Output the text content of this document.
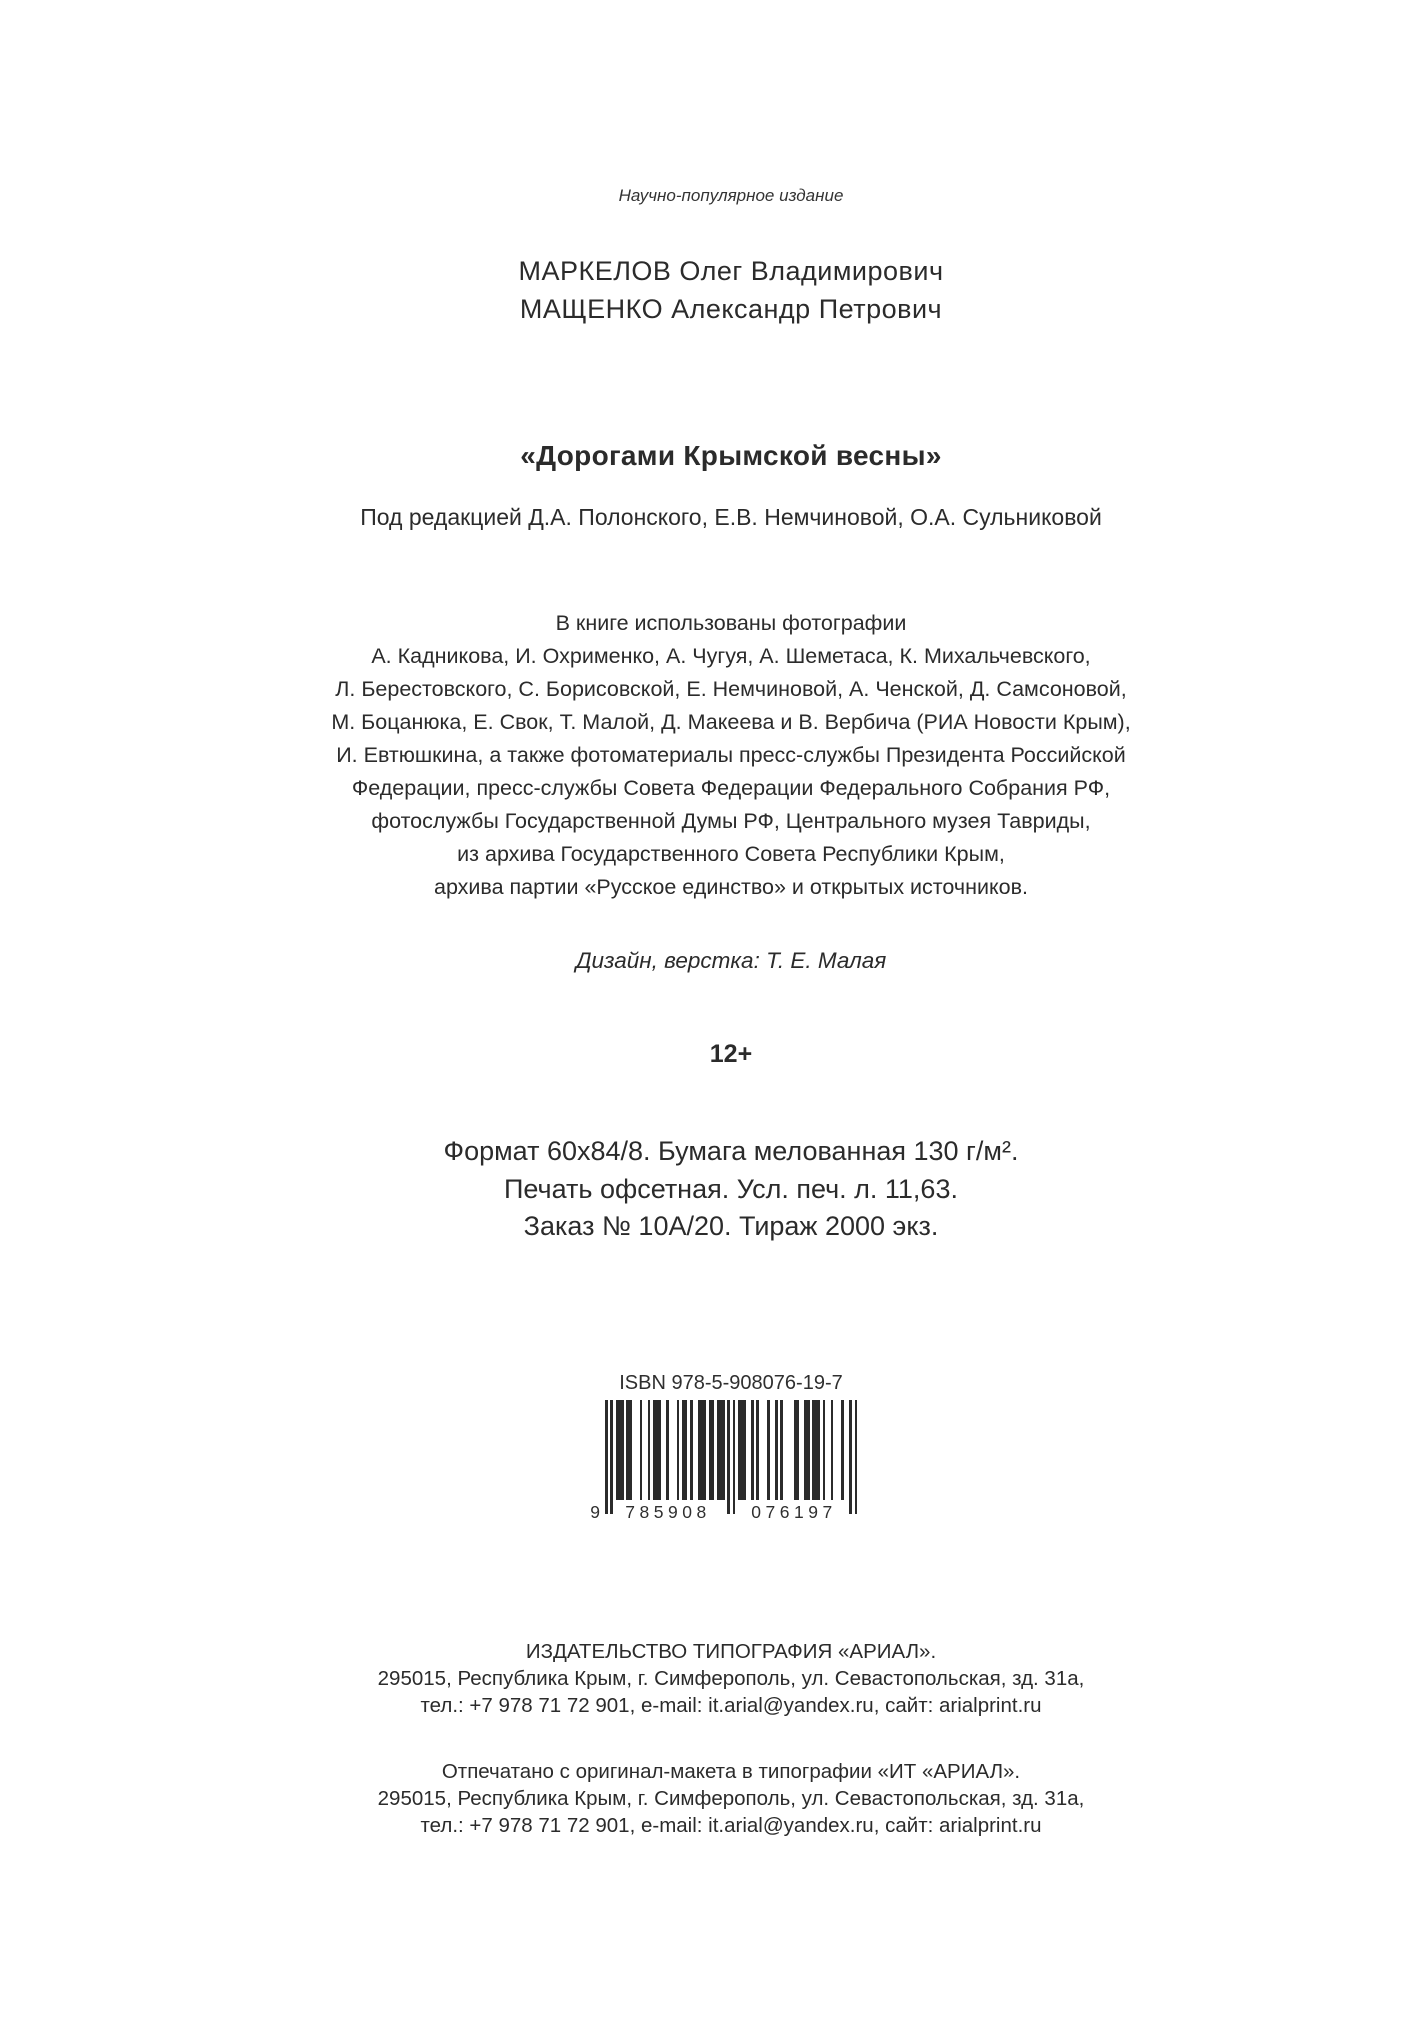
Научно-популярное издание
МАРКЕЛОВ Олег Владимирович
МАЩЕНКО Александр Петрович
«Дорогами Крымской весны»
Под редакцией Д.А. Полонского, Е.В. Немчиновой, О.А. Сульниковой
В книге использованы фотографии
А. Кадникова, И. Охрименко, А. Чугуя, А. Шеметаса, К. Михальчевского,
Л. Берестовского, С. Борисовской, Е. Немчиновой, А. Ченской, Д. Самсоновой,
М. Боцанюка, Е. Свок, Т. Малой, Д. Макеева и В. Вербича (РИА Новости Крым),
И. Евтюшкина, а также фотоматериалы пресс-службы Президента Российской
Федерации, пресс-службы Совета Федерации Федерального Собрания РФ,
фотослужбы Государственной Думы РФ, Центрального музея Тавриды,
из архива Государственного Совета Республики Крым,
архива партии «Русское единство» и открытых источников.
Дизайн, верстка: Т. Е. Малая
12+
Формат 60х84/8. Бумага мелованная 130 г/м².
Печать офсетная. Усл. печ. л. 11,63.
Заказ № 10А/20. Тираж 2000 экз.
ISBN 978-5-908076-19-7
9	785908	076197
ИЗДАТЕЛЬСТВО ТИПОГРАФИЯ «АРИАЛ».
295015, Республика Крым, г. Симферополь, ул. Севастопольская, зд. 31а,
тел.: +7 978 71 72 901, e-mail: it.arial@yandex.ru, сайт: arialprint.ru
Отпечатано с оригинал-макета в типографии «ИТ «АРИАЛ».
295015, Республика Крым, г. Симферополь, ул. Севастопольская, зд. 31а,
тел.: +7 978 71 72 901, e-mail: it.arial@yandex.ru, сайт: arialprint.ru
